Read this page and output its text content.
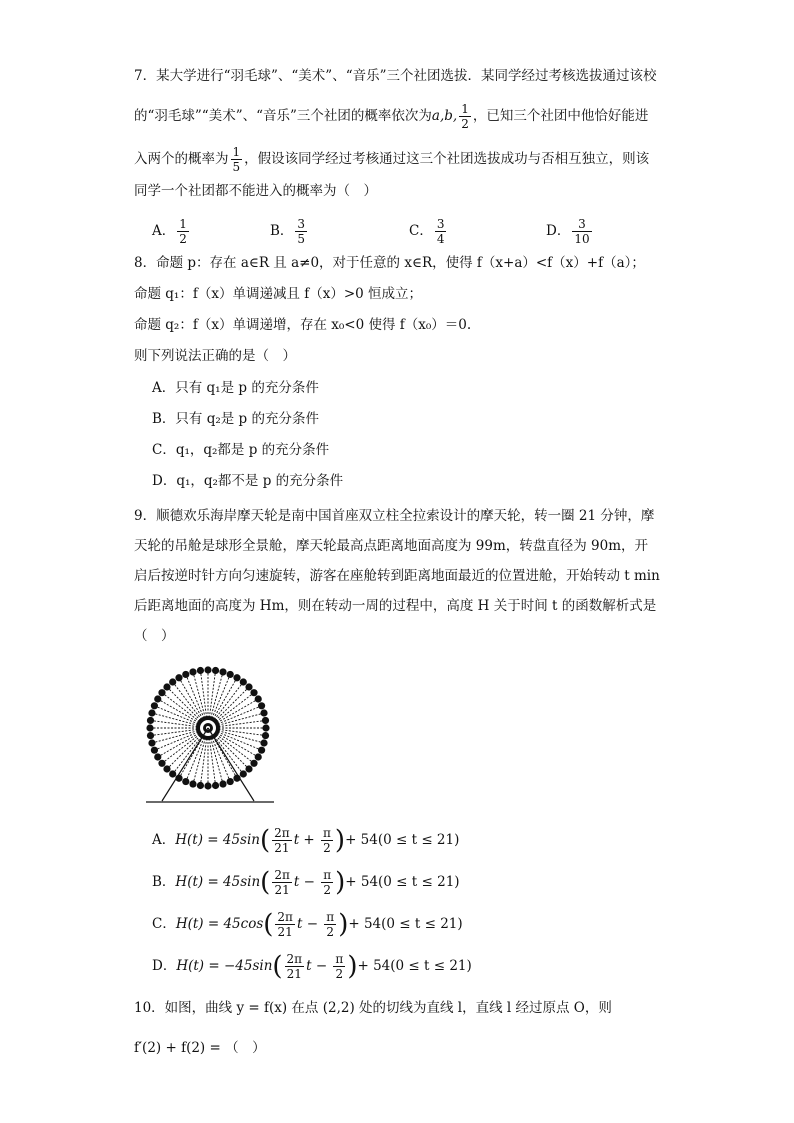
7．某大学进行“羽毛球”、“美术”、“音乐”三个社团选拔．某同学经过考核选拔通过该校
的“羽毛球”“美术”、“音乐”三个社团的概率依次为a,b, $\frac{1}{2}$ ，已知三个社团中他恰好能进
入两个的概率为 $\frac{1}{5}$ ，假设该同学经过考核通过这三个社团选拔成功与否相互独立，则该
同学一个社团都不能进入的概率为（　）
A． $\frac{1}{2}$	B． $\frac{3}{5}$	C． $\frac{3}{4}$	D． $\frac{3}{10}$
8．命题 p：存在 a∈R 且 a≠0，对于任意的 x∈R，使得 f（x+a）<f（x）+f（a）；
命题 q₁：f（x）单调递减且 f（x）>0 恒成立；
命题 q₂：f（x）单调递增，存在 x₀<0 使得 f（x₀）＝0.
则下列说法正确的是（　）
A．只有 q₁是 p 的充分条件
B．只有 q₂是 p 的充分条件
C．q₁，q₂都是 p 的充分条件
D．q₁，q₂都不是 p 的充分条件
9．顺德欢乐海岸摩天轮是南中国首座双立柱全拉索设计的摩天轮，转一圈 21 分钟，摩
天轮的吊舱是球形全景舱，摩天轮最高点距离地面高度为 99m，转盘直径为 90m，开
启后按逆时针方向匀速旋转，游客在座舱转到距离地面最近的位置进舱，开始转动 t min
后距离地面的高度为 Hm，则在转动一周的过程中，高度 H 关于时间 t 的函数解析式是
（　）
A．$H(t) = 45\sin( \frac{2\pi}{21}$ $t + \frac{\pi}{2}$ )+ 54(0 ≤ t ≤ 21)
B．$H(t) = 45\sin( \frac{2\pi}{21}$ $t - \frac{\pi}{2}$ )+ 54(0 ≤ t ≤ 21)
C．$H(t) = 45\cos( \frac{2\pi}{21}$ $t - \frac{\pi}{2}$ )+ 54(0 ≤ t ≤ 21)
D．$H(t) = -45\sin( \frac{2\pi}{21}$ $t - \frac{\pi}{2}$ )+ 54(0 ≤ t ≤ 21)
10．如图，曲线 y = f(x) 在点 (2,2) 处的切线为直线 l，直线 l 经过原点 O，则
f′(2) + f(2) = （　）
